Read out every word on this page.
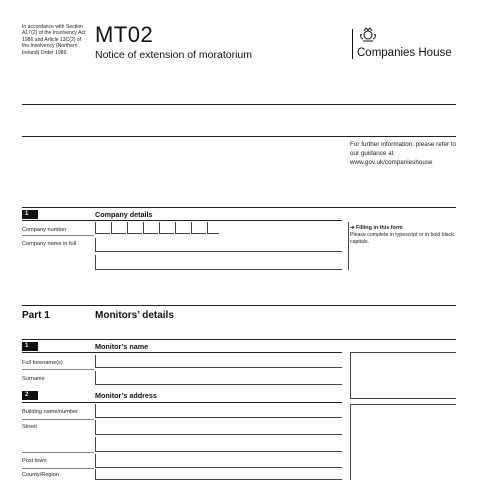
In accordance with Section A17(2) of the Insolvency Act 1986 and Article 13C(2) of the Insolvency (Northern Ireland) Order 1989.
MT02
Notice of extension of moratorium	Companies House
For further information, please refer to our guidance at www.gov.uk/companieshouse
1	Company details
Company number
Company name in full
➔ Filling in this form
Please complete in typescript or in bold black capitals.
Part 1	Monitors’ details
1	Monitor’s name
Full forename(s)
Surname
2	Monitor’s address
Building name/number
Street
Post town
County/Region
